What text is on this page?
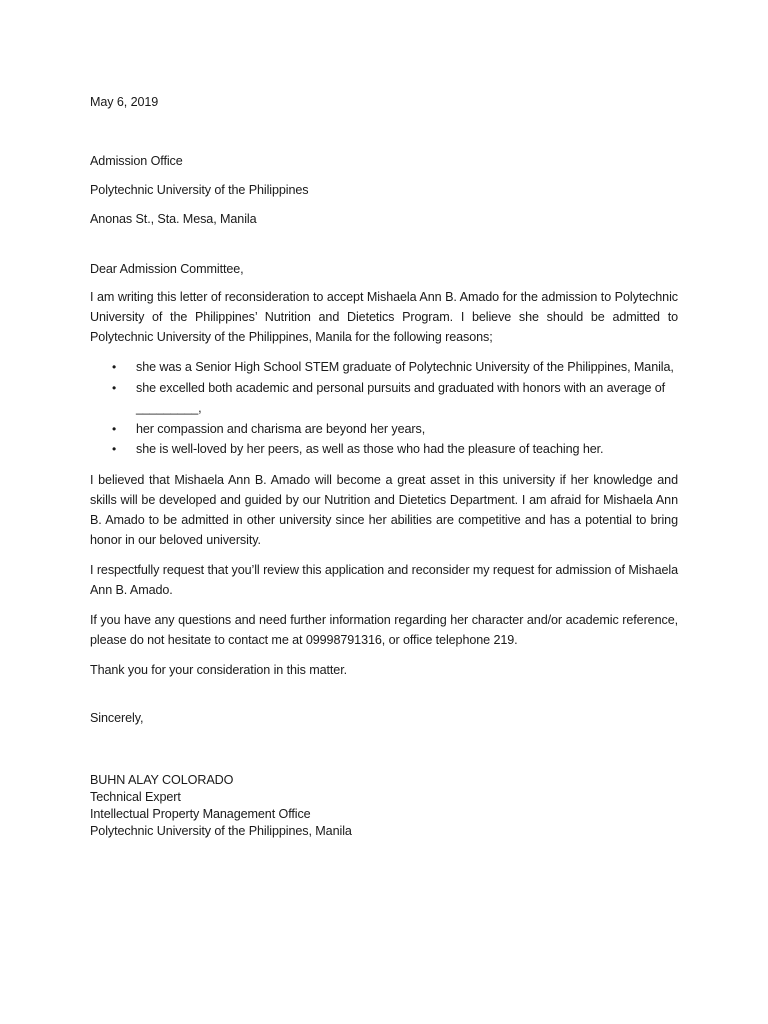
May 6, 2019

Admission Office

Polytechnic University of the Philippines

Anonas St., Sta. Mesa, Manila

Dear Admission Committee,

I am writing this letter of reconsideration to accept Mishaela Ann B. Amado for the admission to Polytechnic University of the Philippines’ Nutrition and Dietetics Program. I believe she should be admitted to Polytechnic University of the Philippines, Manila for the following reasons;

• she was a Senior High School STEM graduate of Polytechnic University of the Philippines, Manila,
• she excelled both academic and personal pursuits and graduated with honors with an average of _________,
• her compassion and charisma are beyond her years,
• she is well-loved by her peers, as well as those who had the pleasure of teaching her.

I believed that Mishaela Ann B. Amado will become a great asset in this university if her knowledge and skills will be developed and guided by our Nutrition and Dietetics Department. I am afraid for Mishaela Ann B. Amado to be admitted in other university since her abilities are competitive and has a potential to bring honor in our beloved university.

I respectfully request that you’ll review this application and reconsider my request for admission of Mishaela Ann B. Amado.

If you have any questions and need further information regarding her character and/or academic reference, please do not hesitate to contact me at 09998791316, or office telephone 219.

Thank you for your consideration in this matter.

Sincerely,

BUHN ALAY COLORADO

Technical Expert

Intellectual Property Management Office

Polytechnic University of the Philippines, Manila
